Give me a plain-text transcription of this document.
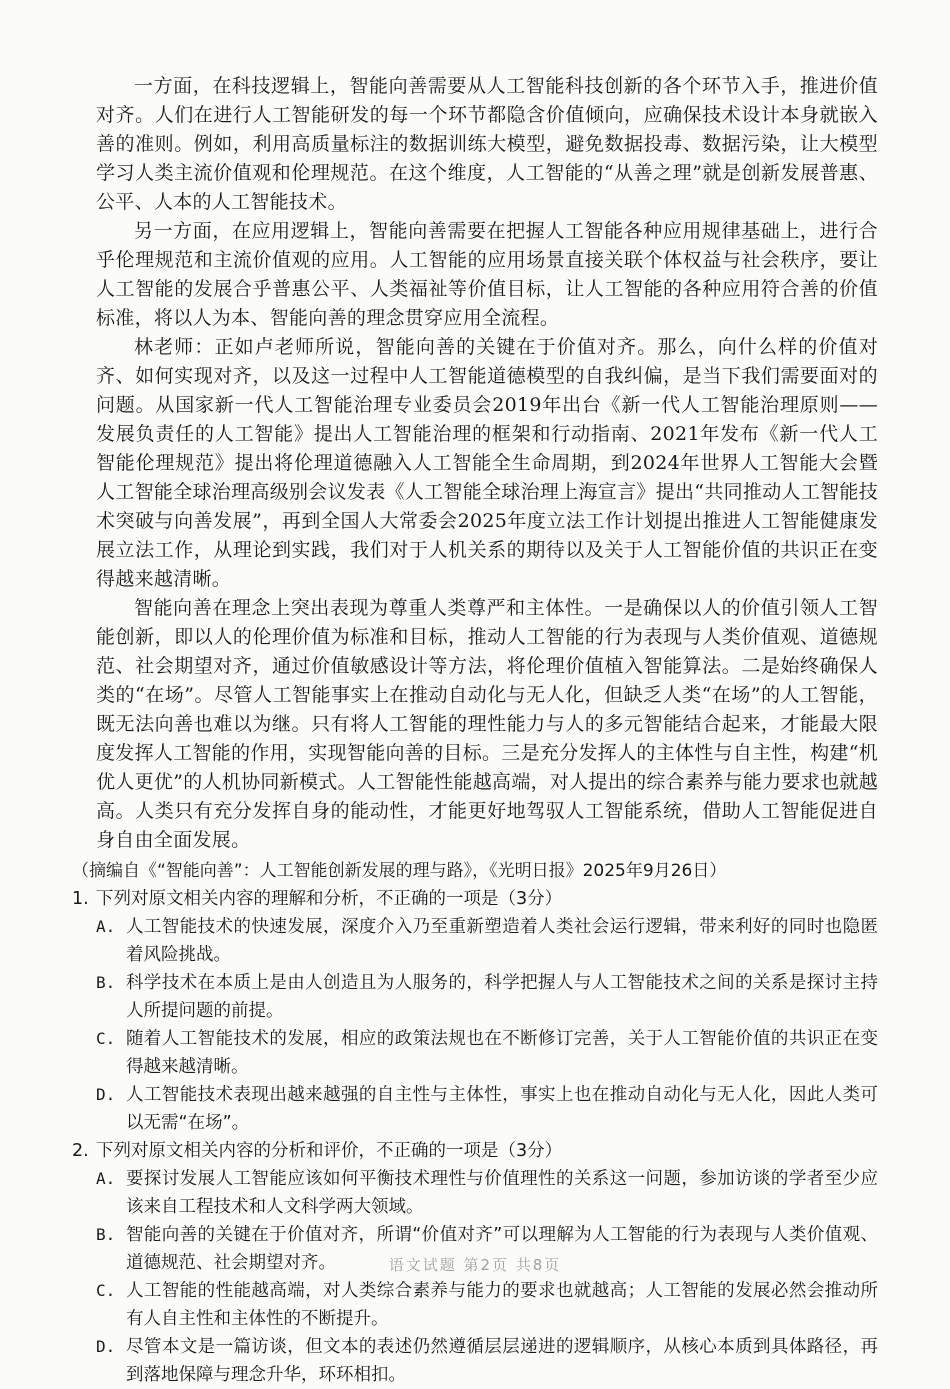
一方面，在科技逻辑上，智能向善需要从人工智能科技创新的各个环节入手，推进价值对齐。人们在进行人工智能研发的每一个环节都隐含价值倾向，应确保技术设计本身就嵌入善的准则。例如，利用高质量标注的数据训练大模型，避免数据投毒、数据污染，让大模型学习人类主流价值观和伦理规范。在这个维度，人工智能的“从善之理”就是创新发展普惠、公平、人本的人工智能技术。

另一方面，在应用逻辑上，智能向善需要在把握人工智能各种应用规律基础上，进行合乎伦理规范和主流价值观的应用。人工智能的应用场景直接关联个体权益与社会秩序，要让人工智能的发展合乎普惠公平、人类福祉等价值目标，让人工智能的各种应用符合善的价值标准，将以人为本、智能向善的理念贯穿应用全流程。

林老师：正如卢老师所说，智能向善的关键在于价值对齐。那么，向什么样的价值对齐、如何实现对齐，以及这一过程中人工智能道德模型的自我纠偏，是当下我们需要面对的问题。从国家新一代人工智能治理专业委员会2019年出台《新一代人工智能治理原则——发展负责任的人工智能》提出人工智能治理的框架和行动指南、2021年发布《新一代人工智能伦理规范》提出将伦理道德融入人工智能全生命周期，到2024年世界人工智能大会暨人工智能全球治理高级别会议发表《人工智能全球治理上海宣言》提出“共同推动人工智能技术突破与向善发展”，再到全国人大常委会2025年度立法工作计划提出推进人工智能健康发展立法工作，从理论到实践，我们对于人机关系的期待以及关于人工智能价值的共识正在变得越来越清晰。

智能向善在理念上突出表现为尊重人类尊严和主体性。一是确保以人的价值引领人工智能创新，即以人的伦理价值为标准和目标，推动人工智能的行为表现与人类价值观、道德规范、社会期望对齐，通过价值敏感设计等方法，将伦理价值植入智能算法。二是始终确保人类的“在场”。尽管人工智能事实上在推动自动化与无人化，但缺乏人类“在场”的人工智能，既无法向善也难以为继。只有将人工智能的理性能力与人的多元智能结合起来，才能最大限度发挥人工智能的作用，实现智能向善的目标。三是充分发挥人的主体性与自主性，构建“机优人更优”的人机协同新模式。人工智能性能越高端，对人提出的综合素养与能力要求也就越高。人类只有充分发挥自身的能动性，才能更好地驾驭人工智能系统，借助人工智能促进自身自由全面发展。

（摘编自《“智能向善”：人工智能创新发展的理与路》，《光明日报》2025年9月26日）
1. 下列对原文相关内容的理解和分析，不正确的一项是（3分）
A. 人工智能技术的快速发展，深度介入乃至重新塑造着人类社会运行逻辑，带来利好的同时也隐匿着风险挑战。
B. 科学技术在本质上是由人创造且为人服务的，科学把握人与人工智能技术之间的关系是探讨主持人所提问题的前提。
C. 随着人工智能技术的发展，相应的政策法规也在不断修订完善，关于人工智能价值的共识正在变得越来越清晰。
D. 人工智能技术表现出越来越强的自主性与主体性，事实上也在推动自动化与无人化，因此人类可以无需“在场”。
2. 下列对原文相关内容的分析和评价，不正确的一项是（3分）
A. 要探讨发展人工智能应该如何平衡技术理性与价值理性的关系这一问题，参加访谈的学者至少应该来自工程技术和人文科学两大领域。
B. 智能向善的关键在于价值对齐，所谓“价值对齐”可以理解为人工智能的行为表现与人类价值观、道德规范、社会期望对齐。
C. 人工智能的性能越高端，对人类综合素养与能力的要求也就越高；人工智能的发展必然会推动所有人自主性和主体性的不断提升。
D. 尽管本文是一篇访谈，但文本的表述仍然遵循层层递进的逻辑顺序，从核心本质到具体路径，再到落地保障与理念升华，环环相扣。
语文试题 第2页 共8页
